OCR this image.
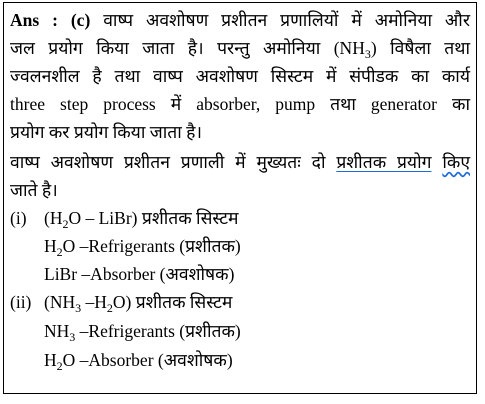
Ans : (c) वाष्प अवशोषण प्रशीतन प्रणालियों में अमोनिया और
जल प्रयोग किया जाता है। परन्तु अमोनिया $(NH_3)$ विषैला तथा
ज्वलनशील है तथा वाष्प अवशोषण सिस्टम में संपीडक का कार्य
three step process में absorber, pump तथा generator का
प्रयोग कर प्रयोग किया जाता है।
वाष्प अवशोषण प्रशीतन प्रणाली में मुख्यतः दो प्रशीतक प्रयोग किए
जाते है।
(i) ($H_2O$ – LiBr) प्रशीतक सिस्टम
$H_2O$ –Refrigerants (प्रशीतक)
LiBr –Absorber (अवशोषक)
(ii) ($NH_3$ $-H_2O$) प्रशीतक सिस्टम
$NH_3$ –Refrigerants (प्रशीतक)
$H_2O$ –Absorber (अवशोषक)
